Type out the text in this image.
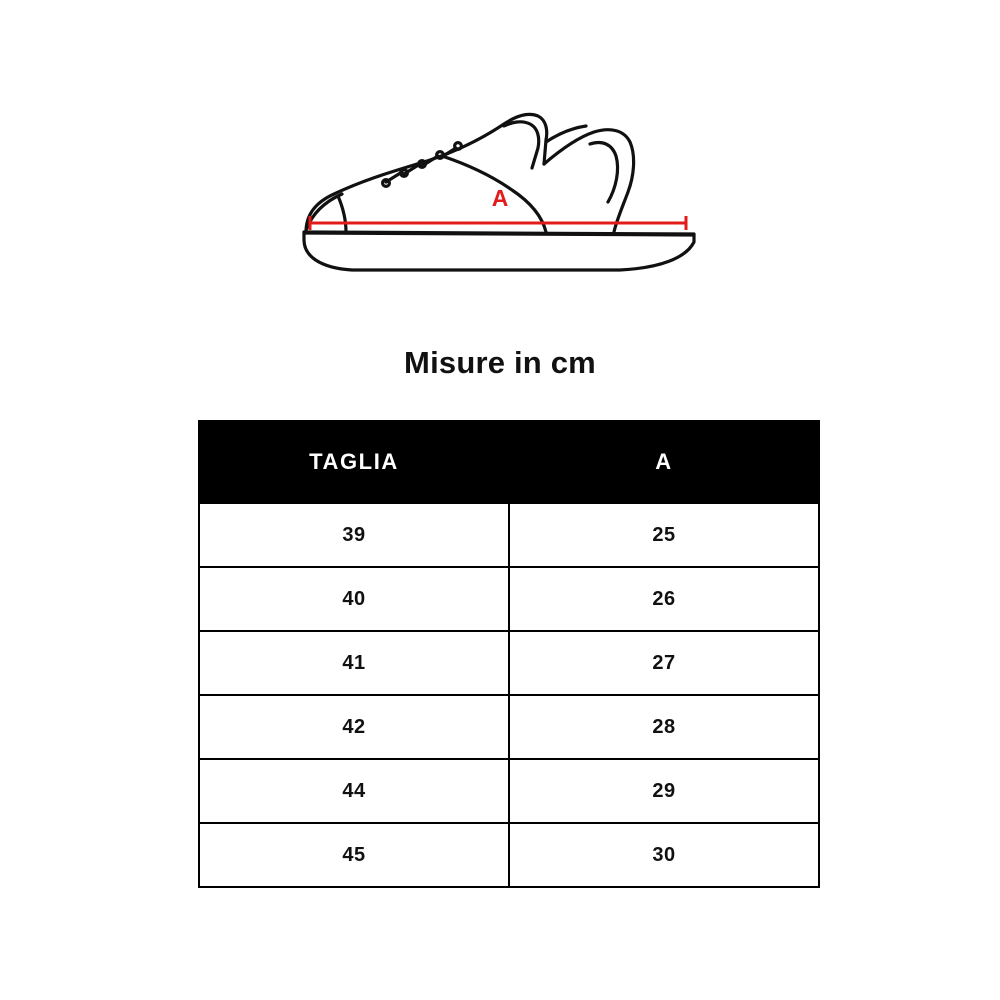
A
Misure in cm
TAGLIA	A
39	25
40	26
41	27
42	28
44	29
45	30
